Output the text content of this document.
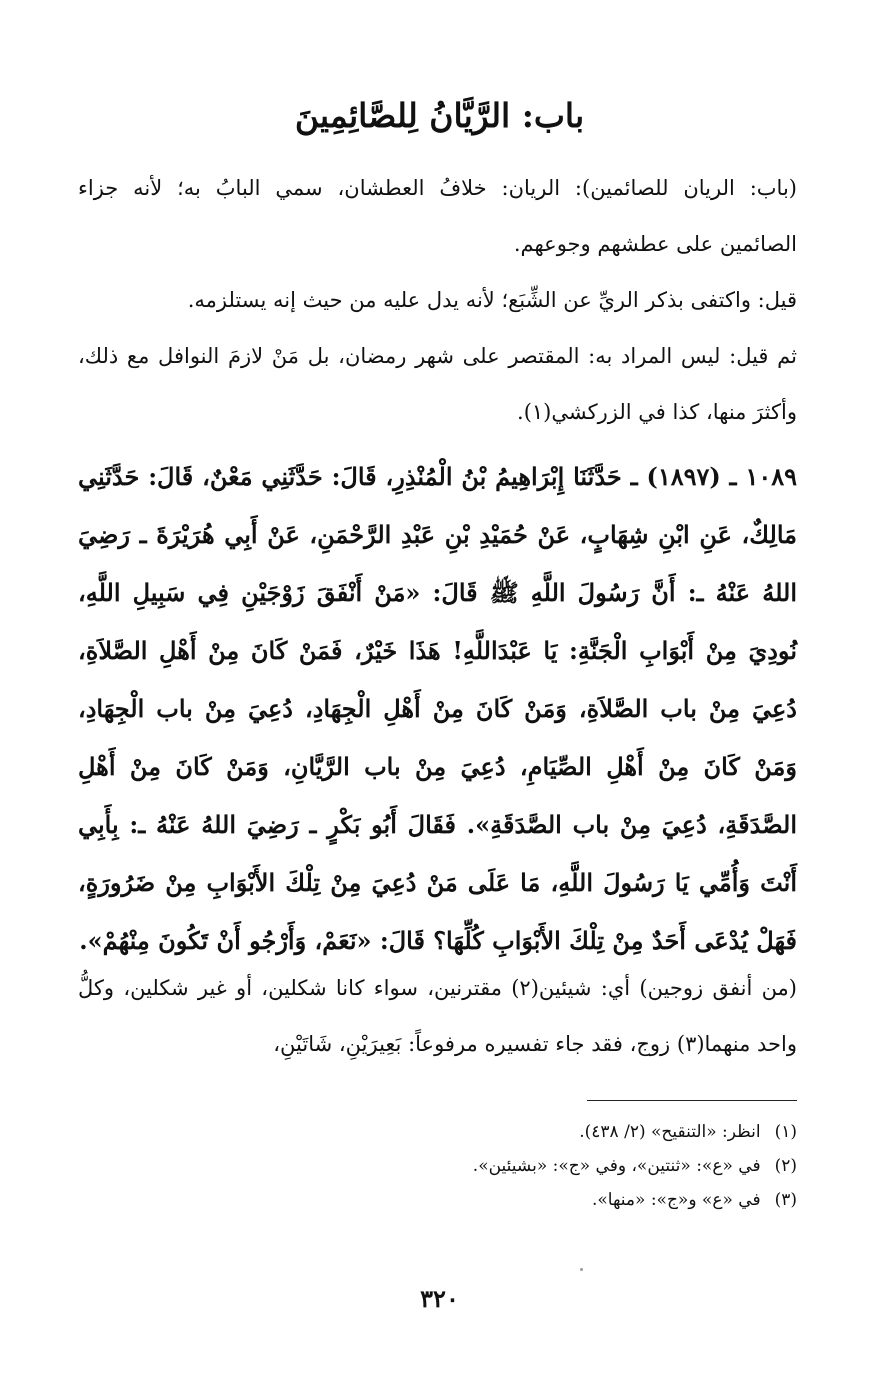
باب: الرَّيَّانُ لِلصَّائِمِينَ

(باب: الريان للصائمين): الريان: خلافُ العطشان، سمي البابُ به؛ لأنه جزاء الصائمين على عطشهم وجوعهم.

قيل: واكتفى بذكر الريِّ عن الشِّبَع؛ لأنه يدل عليه من حيث إنه يستلزمه.

ثم قيل: ليس المراد به: المقتصر على شهر رمضان، بل مَنْ لازمَ النوافل مع ذلك، وأكثرَ منها، كذا في الزركشي(١).

١٠٨٩ ـ (١٨٩٧) ـ حَدَّثَنَا إِبْرَاهِيمُ بْنُ الْمُنْذِرِ، قَالَ: حَدَّثَنِي مَعْنٌ، قَالَ: حَدَّثَنِي مَالِكٌ، عَنِ ابْنِ شِهَابٍ، عَنْ حُمَيْدِ بْنِ عَبْدِ الرَّحْمَنِ، عَنْ أَبِي هُرَيْرَةَ ـ رَضِيَ اللهُ عَنْهُ ـ: أَنَّ رَسُولَ اللَّهِ ﷺ قَالَ: «مَنْ أَنْفَقَ زَوْجَيْنِ فِي سَبِيلِ اللَّهِ، نُودِيَ مِنْ أَبْوَابِ الْجَنَّةِ: يَا عَبْدَاللَّهِ! هَذَا خَيْرٌ، فَمَنْ كَانَ مِنْ أَهْلِ الصَّلاَةِ، دُعِيَ مِنْ باب الصَّلاَةِ، وَمَنْ كَانَ مِنْ أَهْلِ الْجِهَادِ، دُعِيَ مِنْ باب الْجِهَادِ، وَمَنْ كَانَ مِنْ أَهْلِ الصِّيَامِ، دُعِيَ مِنْ باب الرَّيَّانِ، وَمَنْ كَانَ مِنْ أَهْلِ الصَّدَقَةِ، دُعِيَ مِنْ باب الصَّدَقَةِ». فَقَالَ أَبُو بَكْرٍ ـ رَضِيَ اللهُ عَنْهُ ـ: بِأَبِي أَنْتَ وَأُمِّي يَا رَسُولَ اللَّهِ، مَا عَلَى مَنْ دُعِيَ مِنْ تِلْكَ الأَبْوَابِ مِنْ ضَرُورَةٍ، فَهَلْ يُدْعَى أَحَدٌ مِنْ تِلْكَ الأَبْوَابِ كُلِّهَا؟ قَالَ: «نَعَمْ، وَأَرْجُو أَنْ تَكُونَ مِنْهُمْ».

(من أنفق زوجين) أي: شيئين(٢) مقترنين، سواء كانا شكلين، أو غير شكلين، وكلُّ واحد منهما(٣) زوج، فقد جاء تفسيره مرفوعاً: بَعِيرَيْنِ، شَاتَيْنِ،

(١)انظر: «التنقيح» (٢/ ٤٣٨).
(٢)في «ع»: «ثنتين»، وفي «ج»: «بشيئين».
(٣)في «ع» و«ج»: «منها».
٣٢٠
